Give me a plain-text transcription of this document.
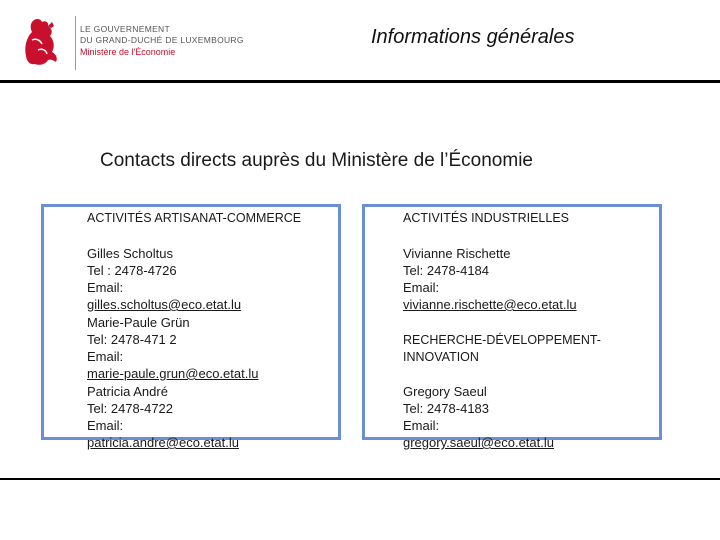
LE GOUVERNEMENT
DU GRAND-DUCHÉ DE LUXEMBOURG
Ministère de l'Économie
Informations générales
Contacts directs auprès du Ministère de l’Économie
ACTIVITÉS ARTISANAT-COMMERCE
Gilles Scholtus
Tel : 2478-4726
Email:
gilles.scholtus@eco.etat.lu
Marie-Paule Grün
Tel: 2478-471 2
Email:
marie-paule.grun@eco.etat.lu
Patricia André
Tel: 2478-4722
Email:
patricia.andre@eco.etat.lu
ACTIVITÉS INDUSTRIELLES
Vivianne Rischette
Tel: 2478-4184
Email:
vivianne.rischette@eco.etat.lu
RECHERCHE-DÉVELOPPEMENT-
INNOVATION
Gregory Saeul
Tel: 2478-4183
Email:
gregory.saeul@eco.etat.lu
